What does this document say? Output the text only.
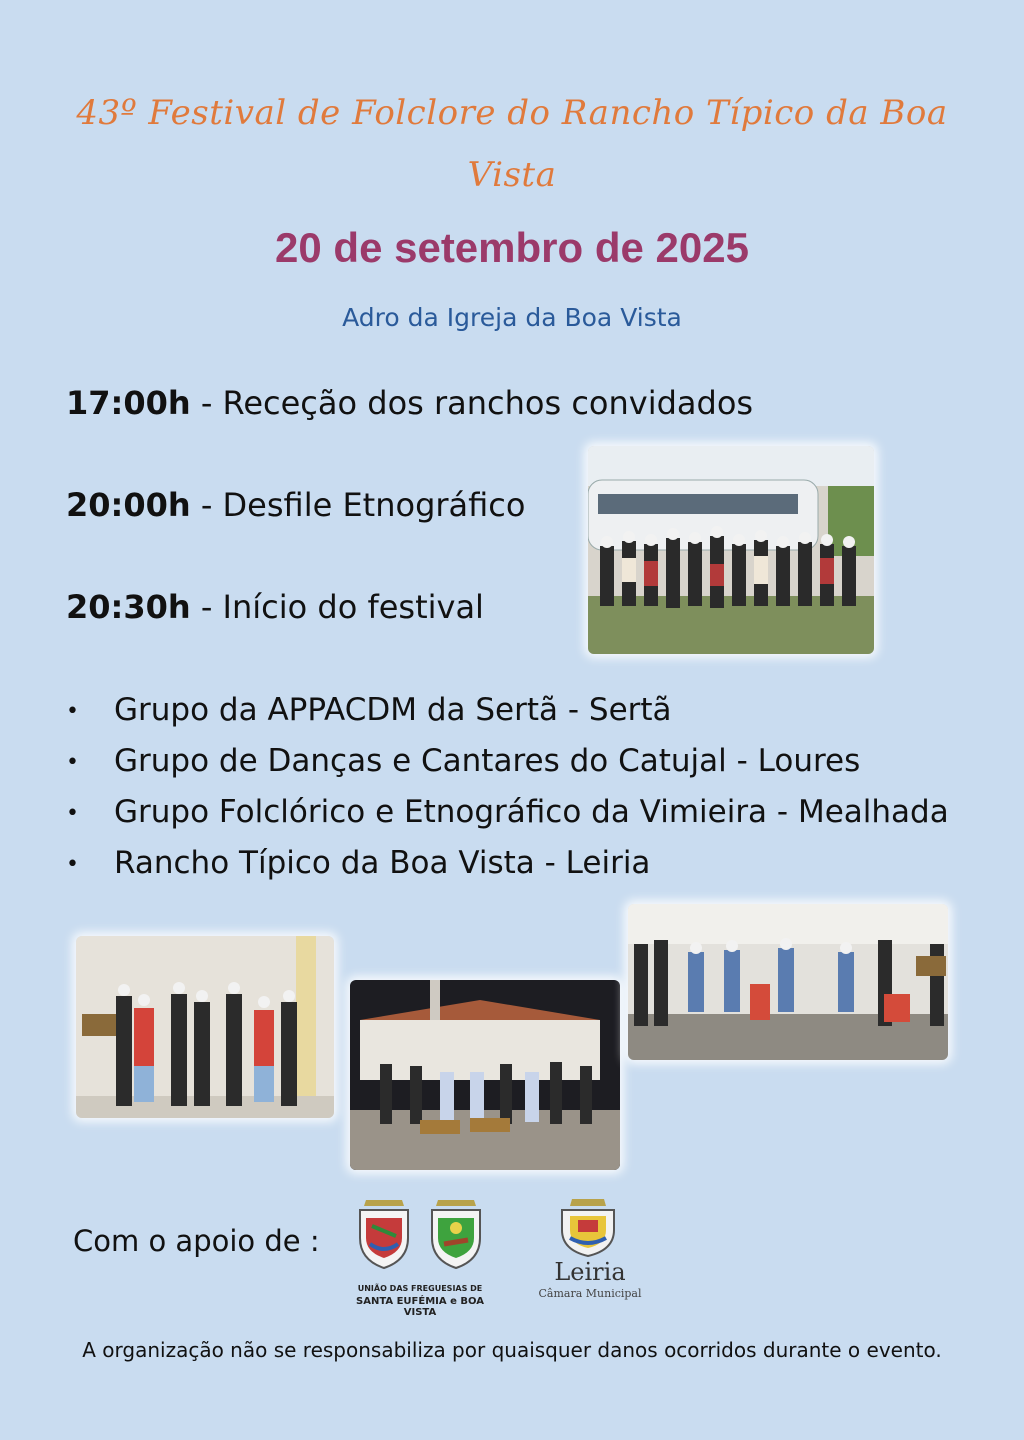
43º Festival de Folclore do Rancho Típico da Boa Vista
20 de setembro de 2025
Adro da Igreja da Boa Vista
17:00h - Receção dos ranchos convidados
20:00h - Desfile Etnográfico
20:30h - Início do festival
• Grupo da APPACDM da Sertã - Sertã
• Grupo de Danças e Cantares do Catujal - Loures
• Grupo Folclórico e Etnográfico da Vimieira - Mealhada
• Rancho Típico da Boa Vista - Leiria
Com o apoio de :
UNIÃO DAS FREGUESIAS DE
SANTA EUFÉMIA e BOA VISTA
Leiria
Câmara Municipal
A organização não se responsabiliza por quaisquer danos ocorridos durante o evento.
